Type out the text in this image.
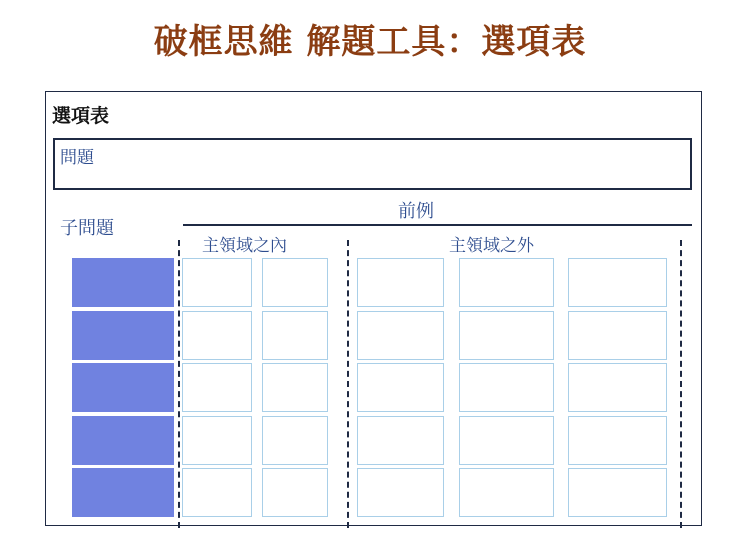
破框思維 解題工具：選項表
選項表
問題
子問題
前例
主領域之內	主領域之外
